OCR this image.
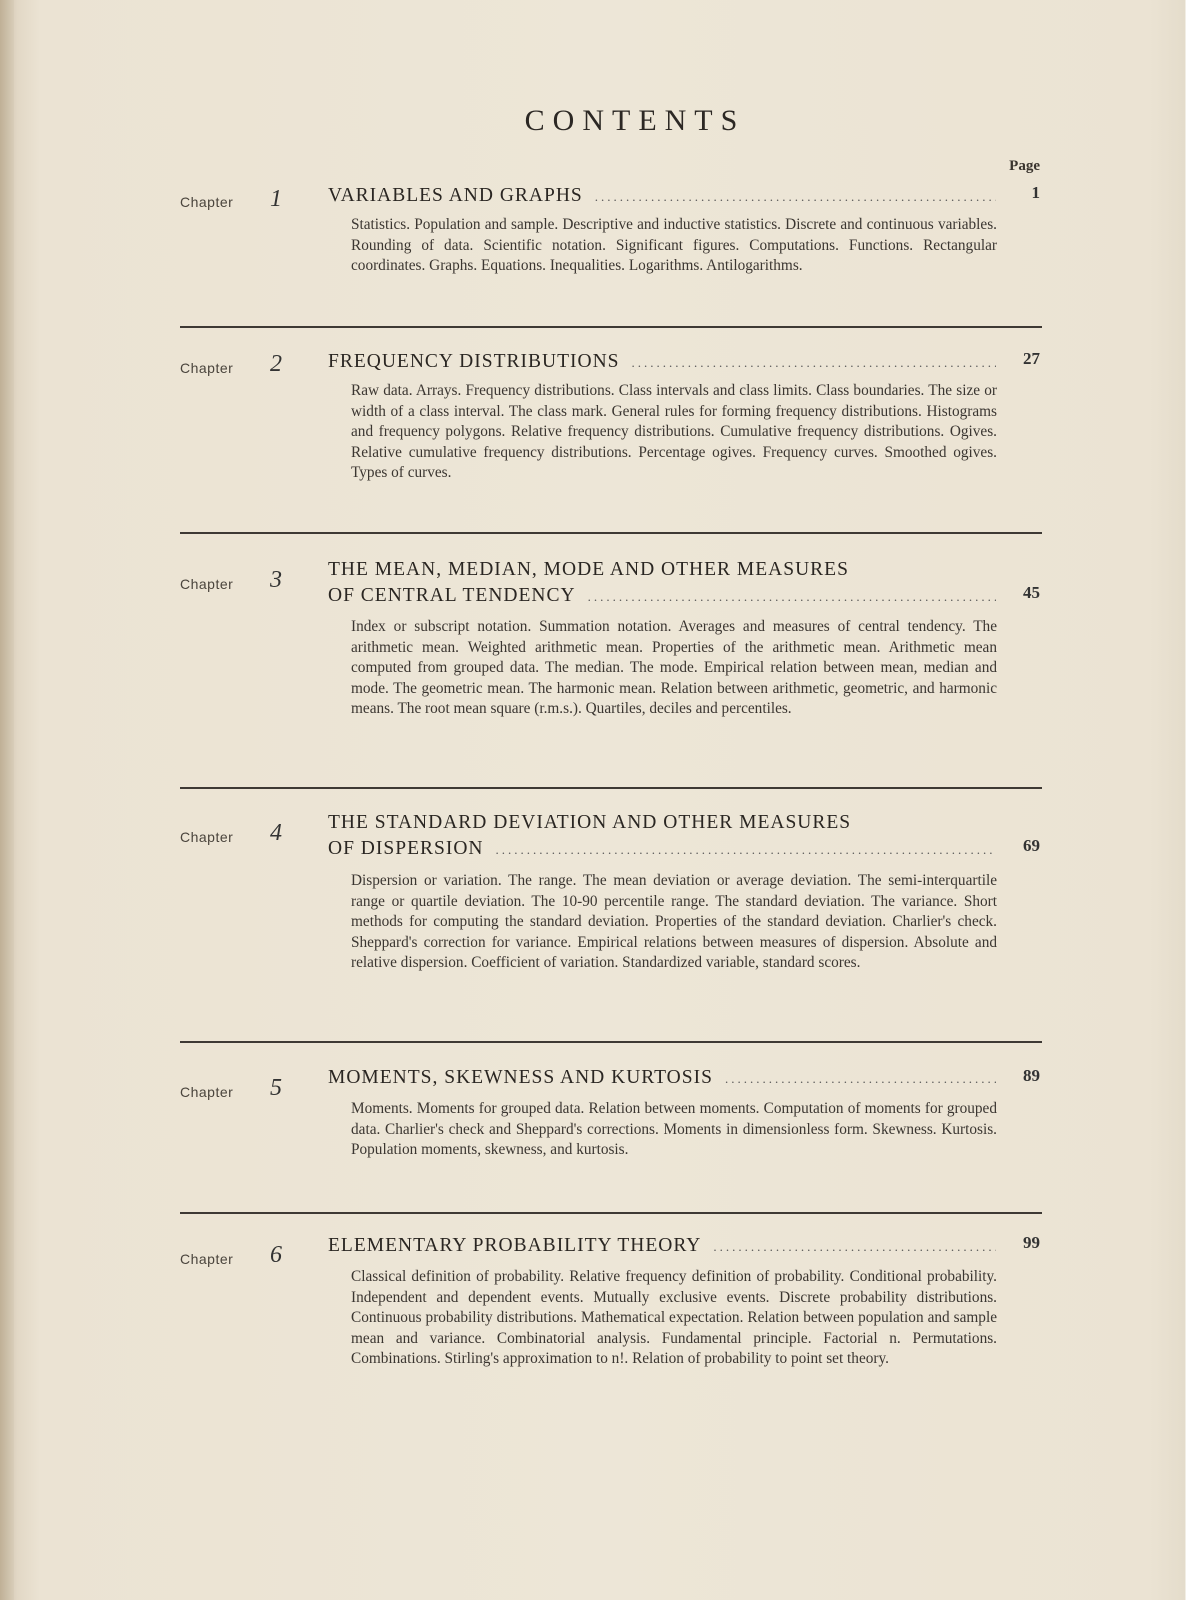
CONTENTS
Page
Chapter 1 VARIABLES AND GRAPHS .....	1
Statistics. Population and sample. Descriptive and inductive statistics. Discrete and continuous variables. Rounding of data. Scientific notation. Significant figures. Computations. Functions. Rectangular coordinates. Graphs. Equations. Inequalities. Logarithms. Antilogarithms.
Chapter 2 FREQUENCY DISTRIBUTIONS .....	27
Raw data. Arrays. Frequency distributions. Class intervals and class limits. Class boundaries. The size or width of a class interval. The class mark. General rules for forming frequency distributions. Histograms and frequency polygons. Relative frequency distributions. Cumulative frequency distributions. Ogives. Relative cumulative frequency distributions. Percentage ogives. Frequency curves. Smoothed ogives. Types of curves.
Chapter 3 THE MEAN, MEDIAN, MODE AND OTHER MEASURES
OF CENTRAL TENDENCY .....	45
Index or subscript notation. Summation notation. Averages and measures of central tendency. The arithmetic mean. Weighted arithmetic mean. Properties of the arithmetic mean. Arithmetic mean computed from grouped data. The median. The mode. Empirical relation between mean, median and mode. The geometric mean. The harmonic mean. Relation between arithmetic, geometric, and harmonic means. The root mean square (r.m.s.). Quartiles, deciles and percentiles.
Chapter 4 THE STANDARD DEVIATION AND OTHER MEASURES
OF DISPERSION .....	69
Dispersion or variation. The range. The mean deviation or average deviation. The semi-interquartile range or quartile deviation. The 10-90 percentile range. The standard deviation. The variance. Short methods for computing the standard deviation. Properties of the standard deviation. Charlier's check. Sheppard's correction for variance. Empirical relations between measures of dispersion. Absolute and relative dispersion. Coefficient of variation. Standardized variable, standard scores.
Chapter 5 MOMENTS, SKEWNESS AND KURTOSIS .....	89
Moments. Moments for grouped data. Relation between moments. Computation of moments for grouped data. Charlier's check and Sheppard's corrections. Moments in dimensionless form. Skewness. Kurtosis. Population moments, skewness, and kurtosis.
Chapter 6 ELEMENTARY PROBABILITY THEORY .....	99
Classical definition of probability. Relative frequency definition of probability. Conditional probability. Independent and dependent events. Mutually exclusive events. Discrete probability distributions. Continuous probability distributions. Mathematical expectation. Relation between population and sample mean and variance. Combinatorial analysis. Fundamental principle. Factorial n. Permutations. Combinations. Stirling's approximation to n!. Relation of probability to point set theory.
